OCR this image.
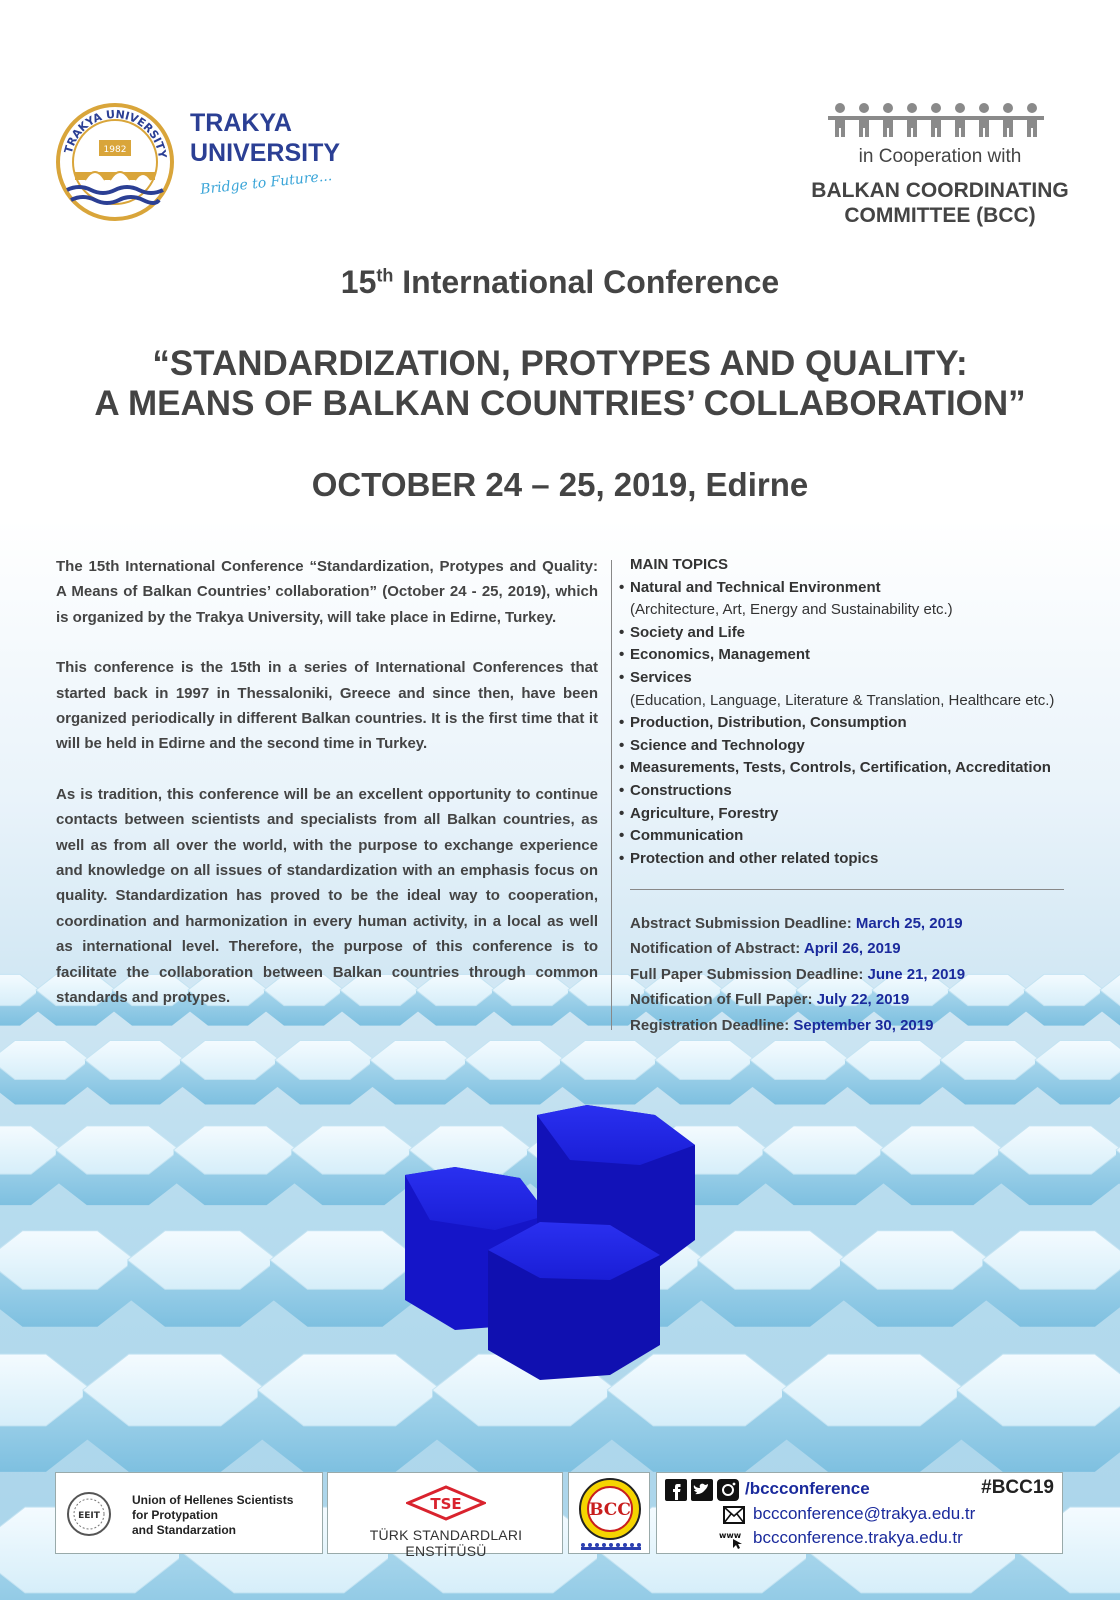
TRAKYA UNIVERSITY
1982
TRAKYA
UNIVERSITY
Bridge to Future...
in Cooperation with
BALKAN COORDINATING
COMMITTEE (BCC)
15th International Conference
“STANDARDIZATION, PROTYPES AND QUALITY:
A MEANS OF BALKAN COUNTRIES’ COLLABORATION”
OCTOBER 24 – 25, 2019, Edirne

The 15th International Conference “Standardization, Protypes and Quality: A Means of Balkan Countries’ collaboration” (October 24 - 25, 2019), which is organized by the Trakya University, will take place in Edirne, Turkey.

This conference is the 15th in a series of International Conferences that started back in 1997 in Thessaloniki, Greece and since then, have been organized periodically in different Balkan countries. It is the first time that it will be held in Edirne and the second time in Turkey.

As is tradition, this conference will be an excellent opportunity to continue contacts between scientists and specialists from all Balkan countries, as well as from all over the world, with the purpose to exchange experience and knowledge on all issues of standardization with an emphasis focus on quality. Standardization has proved to be the ideal way to cooperation, coordination and harmonization in every human activity, in a local as well as international level. Therefore, the purpose of this conference is to facilitate the collaboration between Balkan countries through common standards and protypes.

MAIN TOPICS
• Natural and Technical Environment
(Architecture, Art, Energy and Sustainability etc.)
• Society and Life
• Economics, Management
• Services
(Education, Language, Literature & Translation, Healthcare etc.)
• Production, Distribution, Consumption
• Science and Technology
• Measurements, Tests, Controls, Certification, Accreditation
• Constructions
• Agriculture, Forestry
• Communication
• Protection and other related topics
Abstract Submission Deadline: March 25, 2019
Notification of Abstract: April 26, 2019
Full Paper Submission Deadline: June 21, 2019
Notification of Full Paper: July 22, 2019
Registration Deadline: September 30, 2019
ΕΕΙΤ
Union of Hellenes Scientists
for Protypation
and Standarzation
TSE
TÜRK STANDARDLARI ENSTİTÜSÜ
BCC
/bccconference	#BCC19
bccconference@trakya.edu.tr
www bccconference.trakya.edu.tr
